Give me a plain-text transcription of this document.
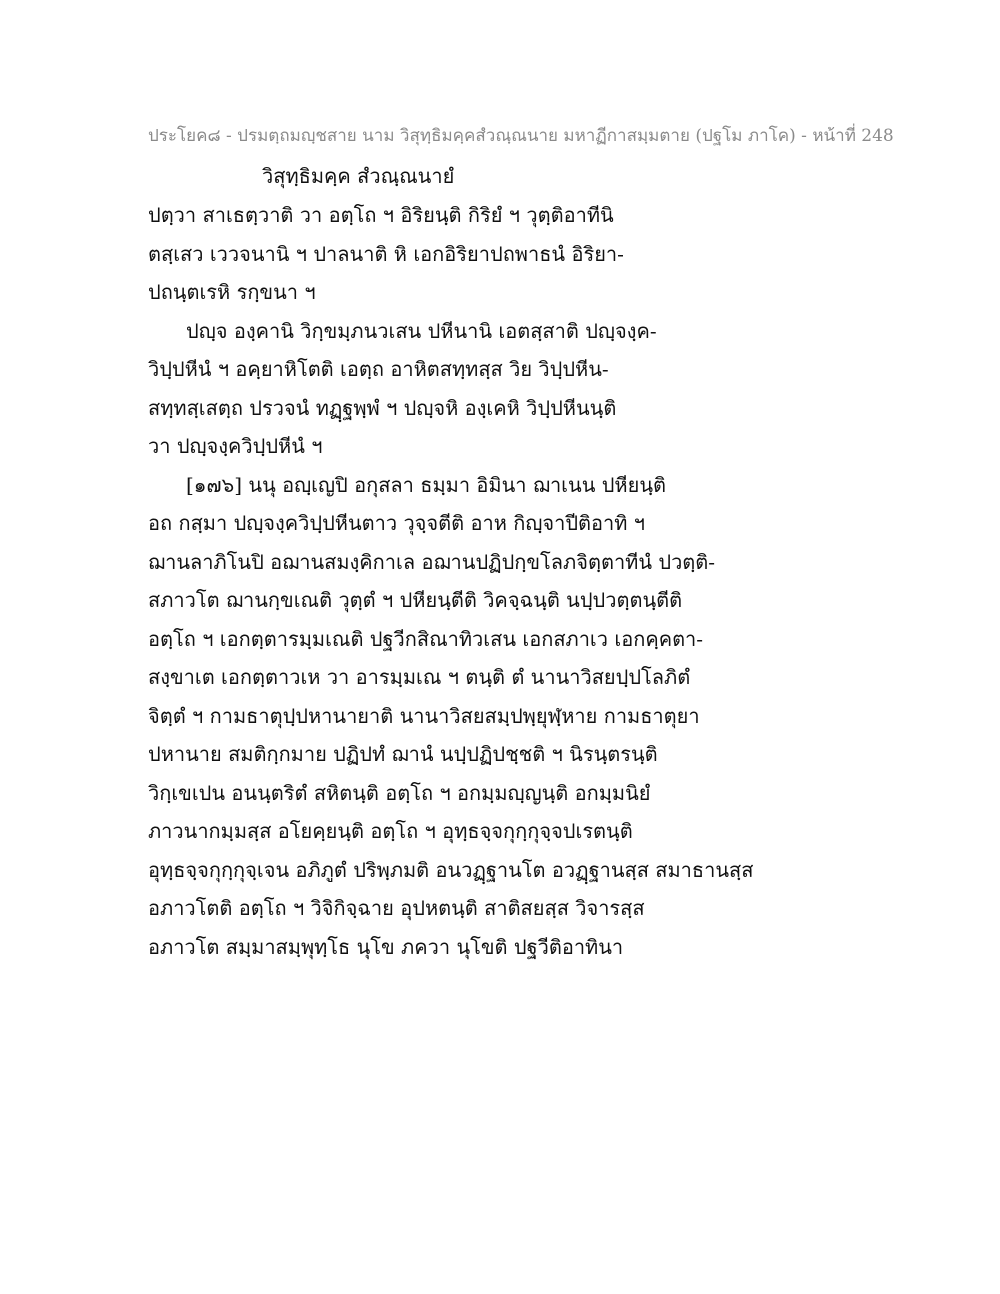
ประโยค๘ - ปรมตฺถมญฺชสาย นาม วิสุทฺธิมคฺคสํวณฺณนาย มหาฏีกาสมฺมตาย (ปฐโม ภาโค) - หน้าที่ 248
วิสุทฺธิมคฺค สํวณฺณนายํ
ปตฺวา สาเธตฺวาติ วา อตฺโถ ฯ อิริยนฺติ กิริยํ ฯ วุตฺติอาทีนิ
ตสฺเสว เววจนานิ ฯ ปาลนาติ หิ เอกอิริยาปถพาธนํ อิริยา-
ปถนฺตเรหิ รกฺขนา ฯ
ปญฺจ องฺคานิ วิกฺขมฺภนวเสน ปหีนานิ เอตสฺสาติ ปญฺจงฺค-
วิปฺปหีนํ ฯ อคฺยาหิโตติ เอตฺถ อาหิตสทฺทสฺส วิย วิปฺปหีน-
สทฺทสฺเสตฺถ ปรวจนํ ทฏฺฐพฺพํ ฯ ปญฺจหิ องฺเคหิ วิปฺปหีนนฺติ
วา ปญฺจงฺควิปฺปหีนํ ฯ
[๑๗๖] นนุ อญฺเญปิ อกุสลา ธมฺมา อิมินา ฌาเนน ปหียนฺติ
อถ กสฺมา ปญฺจงฺควิปฺปหีนตาว วุจฺจตีติ อาห กิญฺจาปีติอาทิ ฯ
ฌานลาภิโนปิ อฌานสมงฺคิกาเล อฌานปฏิปกฺขโลภจิตฺตาทีนํ ปวตฺติ-
สภาวโต ฌานกฺขเณติ วุตฺตํ ฯ ปหียนฺตีติ วิคจฺฉนฺติ นปฺปวตฺตนฺตีติ
อตฺโถ ฯ เอกตฺตารมฺมเณติ ปฐวีกสิณาทิวเสน เอกสภาเว เอกคฺคตา-
สงฺขาเต เอกตฺตาวเห วา อารมฺมเณ ฯ ตนฺติ ตํ นานาวิสยปฺปโลภิตํ
จิตฺตํ ฯ กามธาตุปฺปหานายาติ นานาวิสยสมฺปพฺยุฬฺหาย กามธาตุยา
ปหานาย สมติกฺกมาย ปฏิปทํ ฌานํ นปฺปฏิปชฺชติ ฯ นิรนฺตรนฺติ
วิกฺเขเปน อนนฺตริตํ สหิตนฺติ อตฺโถ ฯ อกมฺมญฺญนฺติ อกมฺมนิยํ
ภาวนากมฺมสฺส อโยคฺยนฺติ อตฺโถ ฯ อุทฺธจฺจกุกฺกุจฺจปเรตนฺติ
อุทฺธจฺจกุกฺกุจฺเจน อภิภูตํ ปริพฺภมติ อนวฏฺฐานโต อวฏฺฐานสฺส สมาธานสฺส
อภาวโตติ อตฺโถ ฯ วิจิกิจฺฉาย อุปหตนฺติ สาติสยสฺส วิจารสฺส
อภาวโต สมฺมาสมฺพุทฺโธ นุโข ภควา นุโขติ ปฐวีติอาทินา
